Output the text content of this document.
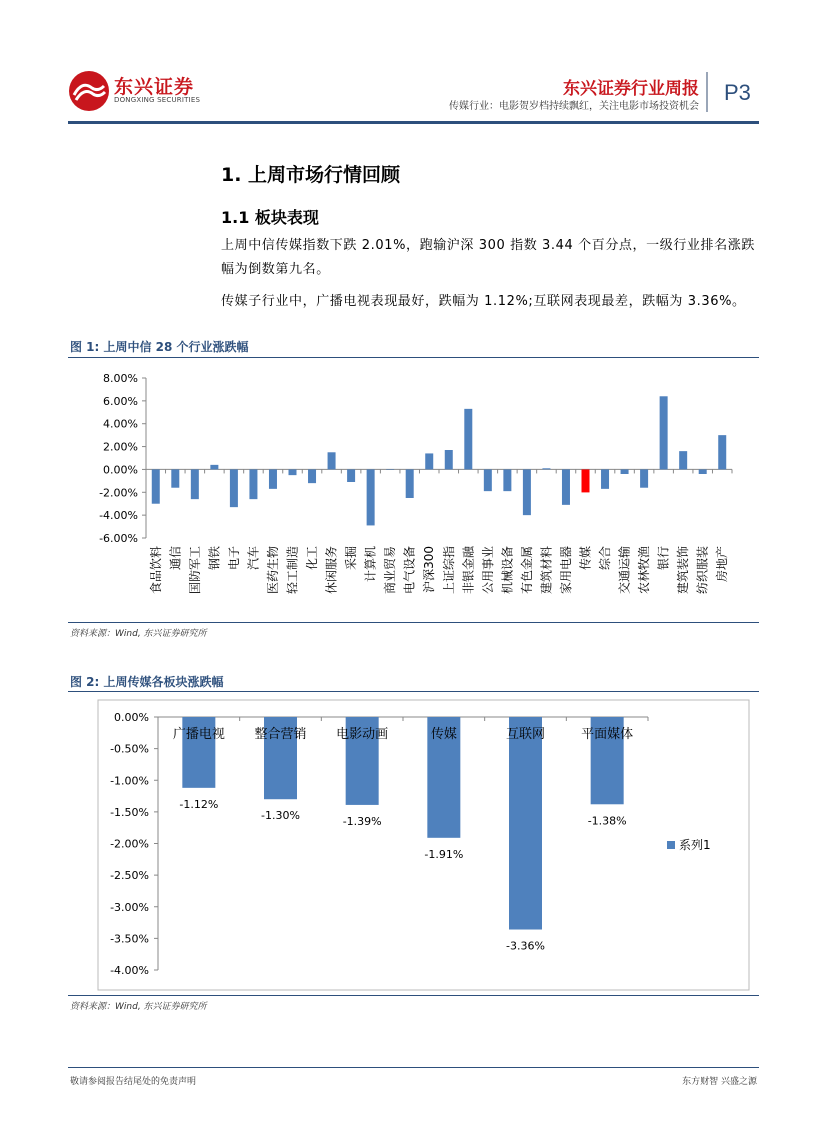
东兴证券
DONGXING SECURITIES
东兴证券行业周报
传媒行业：电影贺岁档持续飘红，关注电影市场投资机会
P3
1. 上周市场行情回顾
1.1 板块表现
上周中信传媒指数下跌 2.01%，跑输沪深 300 指数 3.44 个百分点，一级行业排名涨跌幅为倒数第九名。
传媒子行业中，广播电视表现最好，跌幅为 1.12%;互联网表现最差，跌幅为 3.36%。
图 1: 上周中信 28 个行业涨跌幅
8.00%
6.00%
4.00%
2.00%
0.00%
-2.00%
-4.00%
-6.00%
食品饮料 通信 国防军工 钢铁 电子 汽车 医药生物 轻工制造 化工 休闲服务 采掘 计算机 商业贸易 电气设备 沪深300 上证综指 非银金融 公用事业 机械设备 有色金属 建筑材料 家用电器 传媒 综合 交通运输 农林牧渔 银行 建筑装饰 纺织服装 房地产
资料来源：Wind, 东兴证券研究所
图 2: 上周传媒各板块涨跌幅
0.00%
-0.50%
-1.00%
-1.50%
-2.00%
-2.50%
-3.00%
-3.50%
-4.00%
广播电视
-1.12%
整合营销
-1.30%
电影动画
-1.39%
传媒
-1.91%
互联网
-3.36%
平面媒体
-1.38%
系列1
资料来源：Wind, 东兴证券研究所
敬请参阅报告结尾处的免责声明	东方财智 兴盛之源
